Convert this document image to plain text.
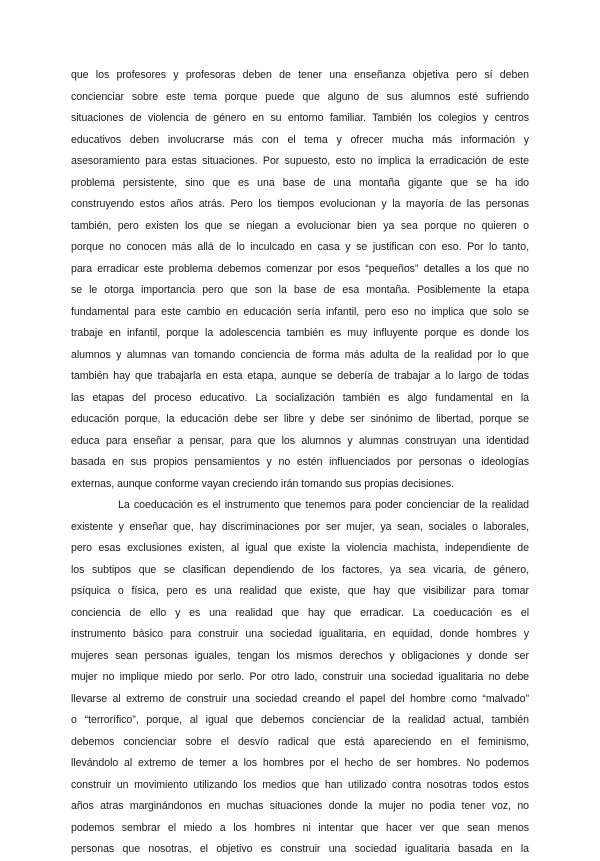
que los profesores y profesoras deben de tener una enseñanza objetiva pero sí deben
concienciar sobre este tema porque puede que alguno de sus alumnos esté sufriendo
situaciones de violencia de género en su entorno familiar. También los colegios y centros
educativos deben involucrarse más con el tema y ofrecer mucha más información y
asesoramiento para estas situaciones. Por supuesto, esto no implica la erradicación de este
problema persistente, sino que es una base de una montaña gigante que se ha ido
construyendo estos años atrás. Pero los tiempos evolucionan y la mayoría de las personas
también, pero existen los que se niegan a evolucionar bien ya sea porque no quieren o
porque no conocen más allá de lo inculcado en casa y se justifican con eso. Por lo tanto,
para erradicar este problema debemos comenzar por esos “pequeños” detalles a los que no
se le otorga importancia pero que son la base de esa montaña. Posiblemente la etapa
fundamental para este cambio en educación sería infantil, pero eso no implica que solo se
trabaje en infantil, porque la adolescencia también es muy influyente porque es donde los
alumnos y alumnas van tomando conciencia de forma más adulta de la realidad por lo que
también hay que trabajarla en esta etapa, aunque se debería de trabajar a lo largo de todas
las etapas del proceso educativo. La socialización también es algo fundamental en la
educación porque, la educación debe ser libre y debe ser sinónimo de libertad, porque se
educa para enseñar a pensar, para que los alumnos y alumnas construyan una identidad
basada en sus propios pensamientos y no estén influenciados por personas o ideologías
externas, aunque conforme vayan creciendo irán tomando sus propias decisiones.
La coeducación es el instrumento que tenemos para poder concienciar de la realidad
existente y enseñar que, hay discriminaciones por ser mujer, ya sean, sociales o laborales,
pero esas exclusiones existen, al igual que existe la violencia machista, independiente de
los subtipos que se clasifican dependiendo de los factores, ya sea vicaria, de género,
psíquica o física, pero es una realidad que existe, que hay que visibilizar para tomar
conciencia de ello y es una realidad que hay que erradicar. La coeducación es el
instrumento básico para construir una sociedad igualitaria, en equidad, donde hombres y
mujeres sean personas iguales, tengan los mismos derechos y obligaciones y donde ser
mujer no implique miedo por serlo. Por otro lado, construir una sociedad igualitaria no debe
llevarse al extremo de construir una sociedad creando el papel del hombre como “malvado”
o “terrorífico”, porque, al igual que debemos concienciar de la realidad actual, también
debemos concienciar sobre el desvío radical que está apareciendo en el feminismo,
llevándolo al extremo de temer a los hombres por el hecho de ser hombres. No podemos
construir un movimiento utilizando los medios que han utilizado contra nosotras todos estos
años atras marginándonos en muchas situaciones donde la mujer no podia tener voz, no
podemos sembrar el miedo a los hombres ni intentar que hacer ver que sean menos
personas que nosotras, el objetivo es construir una sociedad igualitaria basada en la
